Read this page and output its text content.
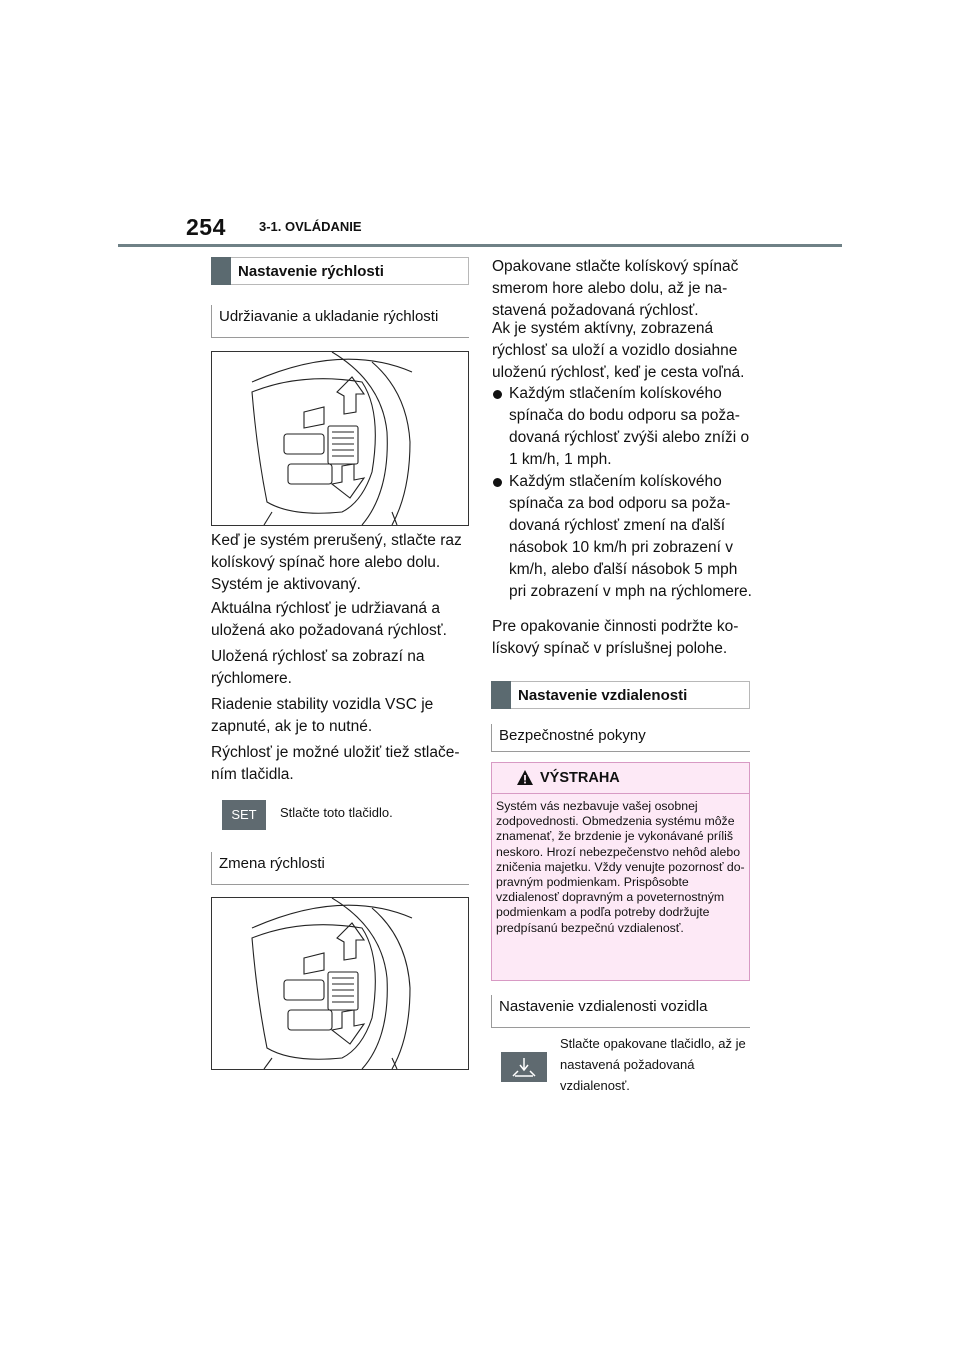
254	3-1. OVLÁDANIE
Nastavenie rýchlosti
Udržiavanie a ukladanie rýchlosti

Keď je systém prerušený, stlačte raz kolískový spínač hore alebo dolu. Systém je aktivovaný.

Aktuálna rýchlosť je udržiavaná a uložená ako požadovaná rýchlosť.

Uložená rýchlosť sa zobrazí na rýchlomere.

Riadenie stability vozidla VSC je zapnuté, ak je to nutné.

Rýchlosť je možné uložiť tiež stlačením tlačidla.

SET	Stlačte toto tlačidlo.

Zmena rýchlosti

Opakovane stlačte kolískový spínač smerom hore alebo dolu, až je nastavená požadovaná rýchlosť.

Ak je systém aktívny, zobrazená rýchlosť sa uloží a vozidlo dosiahne uloženú rýchlosť, keď je cesta voľná.

Každým stlačením kolískového spínača do bodu odporu sa požadovaná rýchlosť zvýši alebo zníži o 1 km/h, 1 mph.
Každým stlačením kolískového spínača za bod odporu sa požadovaná rýchlosť zmení na ďalší násobok 10 km/h pri zobrazení v km/h, alebo ďalší násobok 5 mph pri zobrazení v mph na rýchlomere.

Pre opakovanie činnosti podržte kolískový spínač v príslušnej polohe.

Nastavenie vzdialenosti
Bezpečnostné pokyny
VÝSTRAHA

Systém vás nezbavuje vašej osobnej zodpovednosti. Obmedzenia systému môže znamenať, že brzdenie je vykonávané príliš neskoro. Hrozí nebezpečenstvo nehôd alebo zničenia majetku. Vždy venujte pozornosť dopravným podmienkam. Prispôsobte vzdialenosť dopravným a poveternostným podmienkam a podľa potreby dodržujte predpísanú bezpečnú vzdialenosť.

Nastavenie vzdialenosti vozidla

Stlačte opakovane tlačidlo, až je nastavená požadovaná vzdialenosť.
